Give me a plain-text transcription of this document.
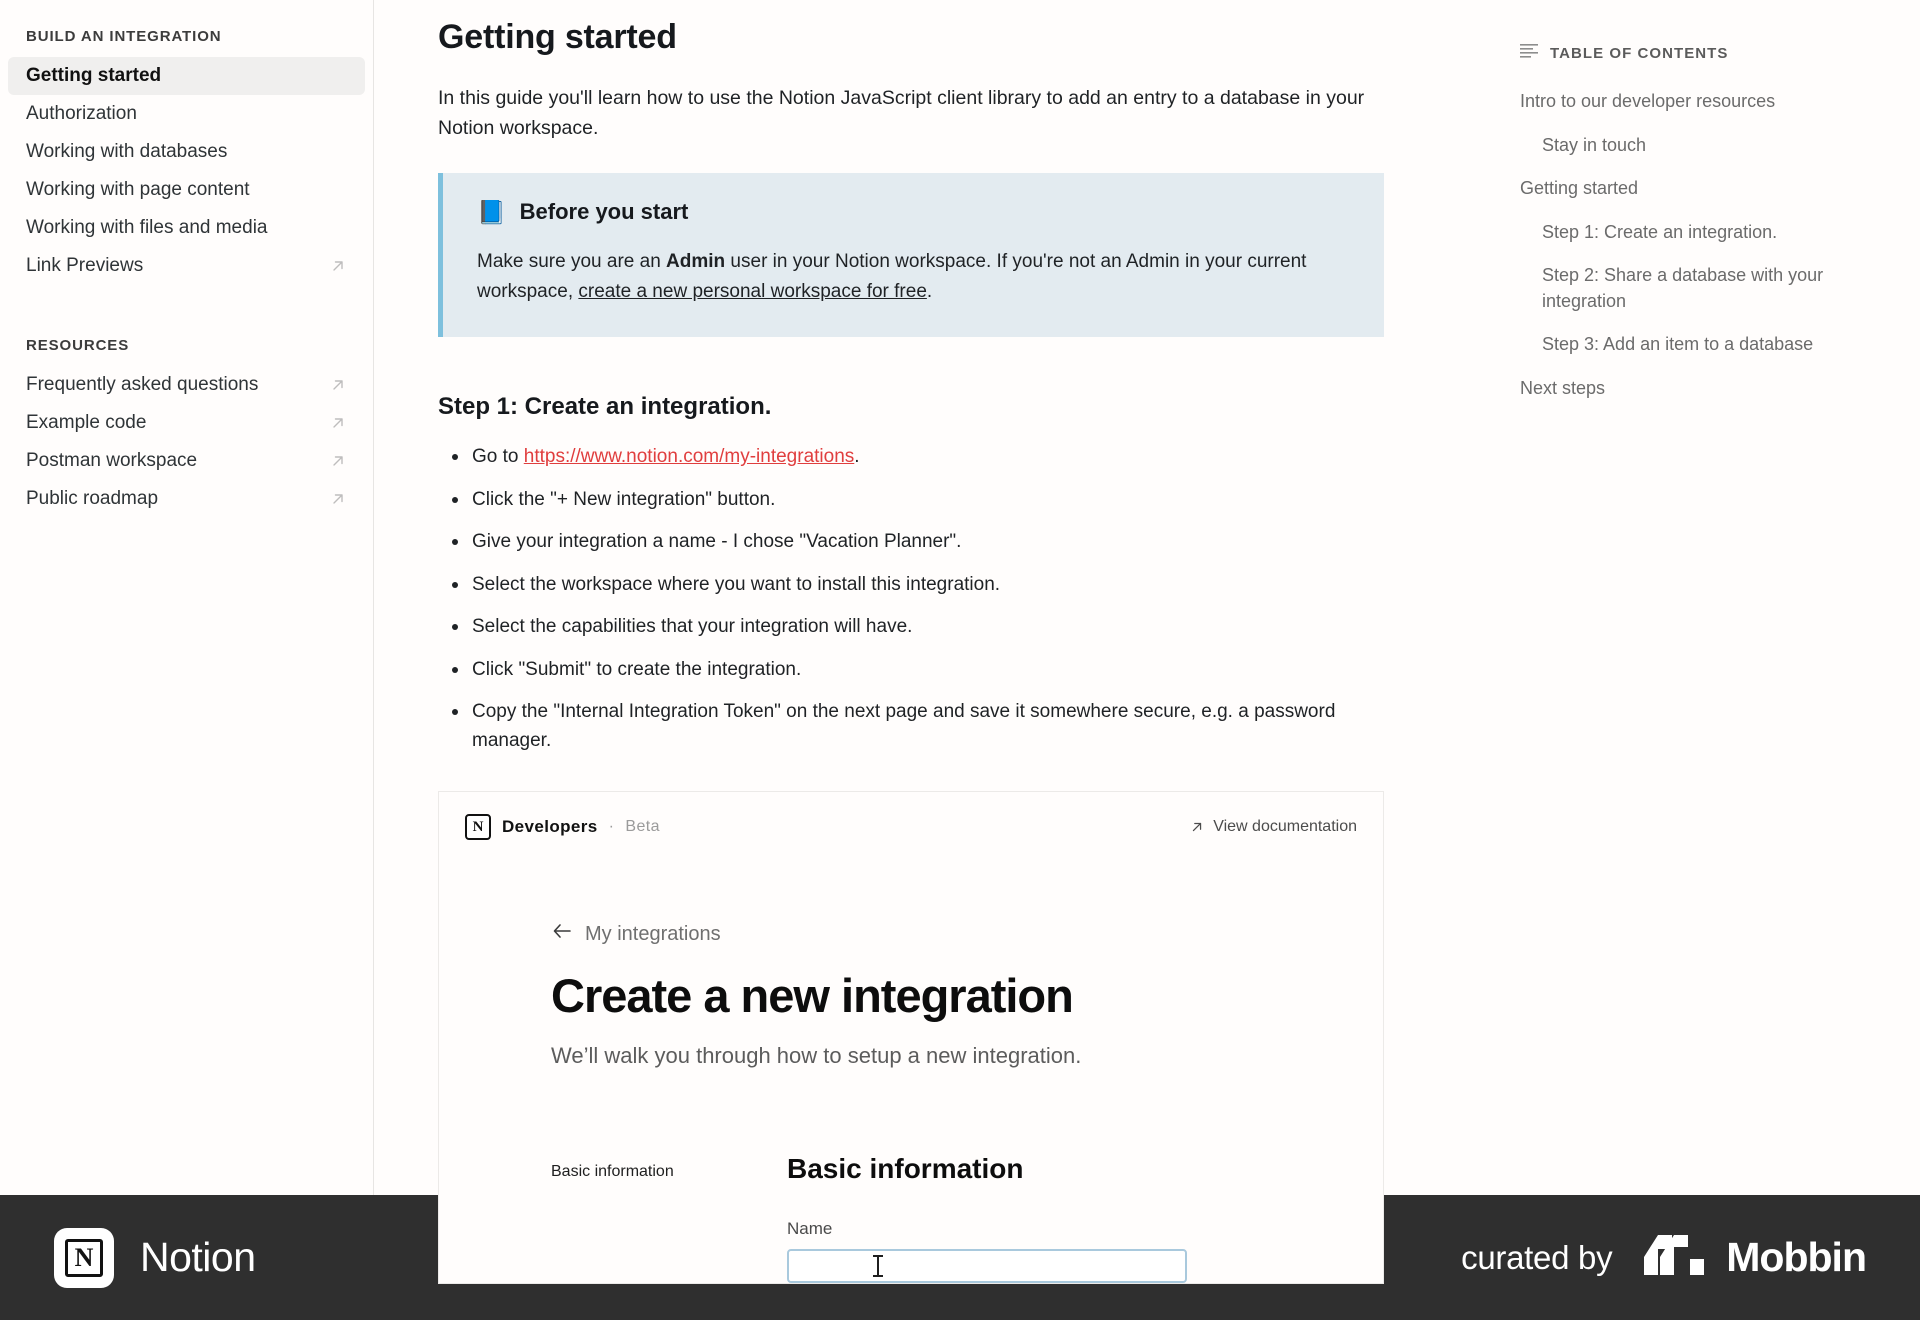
BUILD AN INTEGRATION
Getting started
Authorization
Working with databases
Working with page content
Working with files and media
Link Previews
RESOURCES
Frequently asked questions
Example code
Postman workspace
Public roadmap
Getting started

In this guide you'll learn how to use the Notion JavaScript client library to add an entry to a database in your Notion workspace.

📘 Before you start
Make sure you are an Admin user in your Notion workspace. If you're not an Admin in your current workspace, create a new personal workspace for free.
Step 1: Create an integration.
Go to https://www.notion.com/my-integrations.
Click the "+ New integration" button.
Give your integration a name - I chose "Vacation Planner".
Select the workspace where you want to install this integration.
Select the capabilities that your integration will have.
Click "Submit" to create the integration.
Copy the "Internal Integration Token" on the next page and save it somewhere secure, e.g. a password manager.
N	Developers · Beta	View documentation
My integrations
Create a new integration
We’ll walk you through how to setup a new integration.
Basic information	Basic information
Name
TABLE OF CONTENTS
Intro to our developer resources
Stay in touch
Getting started
Step 1: Create an integration.
Step 2: Share a database with your integration
Step 3: Add an item to a database
Next steps
N Notion	curated by	Mobbin
